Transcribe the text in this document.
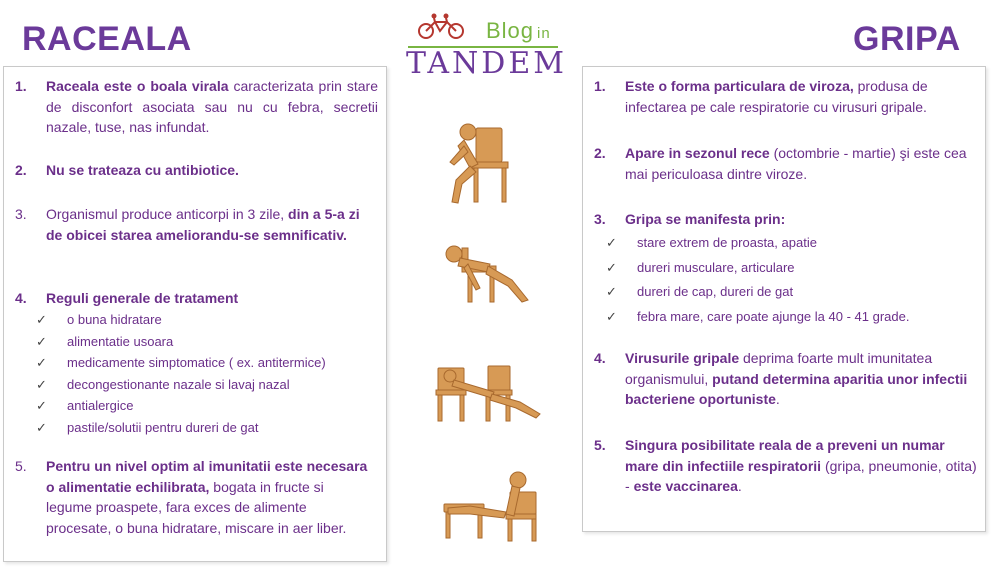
RACEALA	GRIPA
Blog in
TANDEM
1. Raceala este o boala virala caracterizata prin stare de disconfort asociata sau nu cu febra, secretii nazale, tuse, nas infundat.
2. Nu se trateaza cu antibiotice.
3. Organismul produce anticorpi in 3 zile, din a 5-a zi de obicei starea ameliorandu-se semnificativ.
4. Reguli generale de tratament
✓ o buna hidratare
✓ alimentatie usoara
✓ medicamente simptomatice ( ex. antitermice)
✓ decongestionante nazale si lavaj nazal
✓ antialergice
✓ pastile/solutii pentru dureri de gat
5. Pentru un nivel optim al imunitatii este necesara o alimentatie echilibrata, bogata in fructe si legume proaspete, fara exces de alimente procesate, o buna hidratare, miscare in aer liber.
1. Este o forma particulara de viroza, produsa de infectarea pe cale respiratorie cu virusuri gripale.
2. Apare in sezonul rece (octombrie - martie) şi este cea mai periculoasa dintre viroze.
3. Gripa se manifesta prin:
✓ stare extrem de proasta, apatie
✓ dureri musculare, articulare
✓ dureri de cap, dureri de gat
✓ febra mare, care poate ajunge la 40 - 41 grade.
4. Virusurile gripale deprima foarte mult imunitatea organismului, putand determina aparitia unor infectii bacteriene oportuniste.
5. Singura posibilitate reala de a preveni un numar mare din infectiile respiratorii (gripa, pneumonie, otita) - este vaccinarea.
